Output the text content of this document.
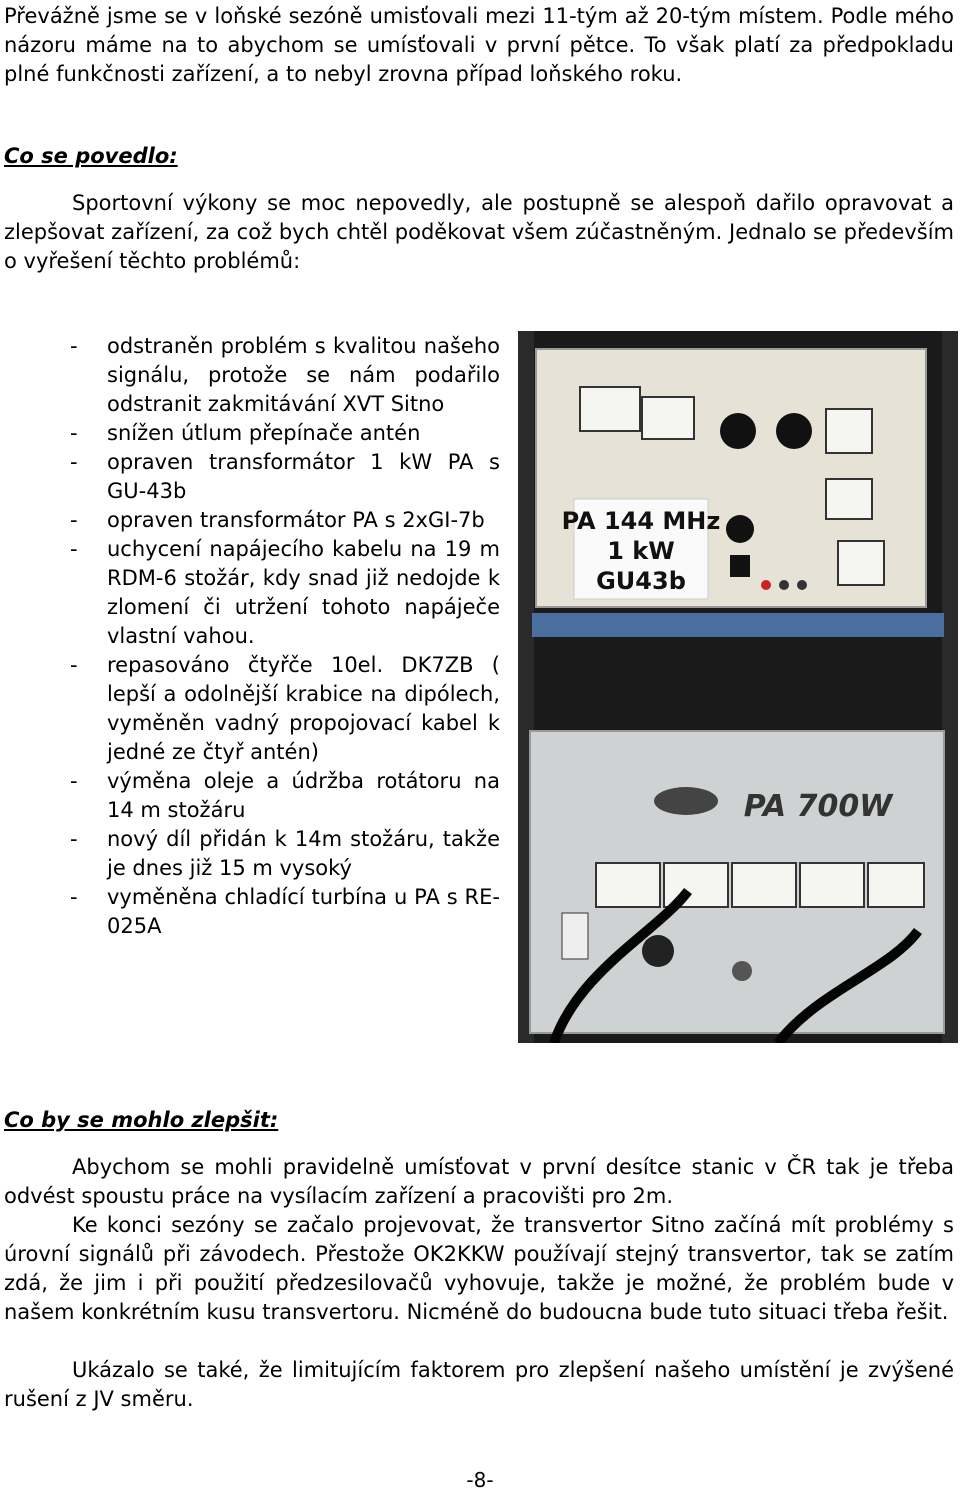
Převážně jsme se v loňské sezóně umisťovali mezi 11-tým až 20-tým místem. Podle mého názoru máme na to abychom se umísťovali v první pětce. To však platí za předpokladu plné funkčnosti zařízení, a to nebyl zrovna případ loňského roku.
Co se povedlo:
Sportovní výkony se moc nepovedly, ale postupně se alespoň dařilo opravovat a zlepšovat zařízení, za což bych chtěl poděkovat všem zúčastněným. Jednalo se především o vyřešení těchto problémů:
- odstraněn problém s kvalitou našeho signálu, protože se nám podařilo odstranit zakmitávání XVT Sitno
- snížen útlum přepínače antén
- opraven transformátor 1 kW PA s GU-43b
- opraven transformátor PA s 2xGI-7b
- uchycení napájecího kabelu na 19 m RDM-6 stožár, kdy snad již nedojde k zlomení či utržení tohoto napáječe vlastní vahou.
- repasováno čtyřče 10el. DK7ZB ( lepší a odolnější krabice na dipólech, vyměněn vadný propojovací kabel k jedné ze čtyř antén)
- výměna oleje a údržba rotátoru na 14 m stožáru
- nový díl přidán k 14m stožáru, takže je dnes již 15 m vysoký
- vyměněna chladící turbína u PA s RE-025A
PA 144 MHz
1 kW
GU43b
PA 700W
Co by se mohlo zlepšit:
Abychom se mohli pravidelně umísťovat v první desítce stanic v ČR tak je třeba odvést spoustu práce na vysílacím zařízení a pracovišti pro 2m.
Ke konci sezóny se začalo projevovat, že transvertor Sitno začíná mít problémy s úrovní signálů při závodech. Přestože OK2KKW používají stejný transvertor, tak se zatím zdá, že jim i při použití předzesilovačů vyhovuje, takže je možné, že problém bude v našem konkrétním kusu transvertoru. Nicméně do budoucna bude tuto situaci třeba řešit.
Ukázalo se také, že limitujícím faktorem pro zlepšení našeho umístění je zvýšené rušení z JV směru.
-8-
